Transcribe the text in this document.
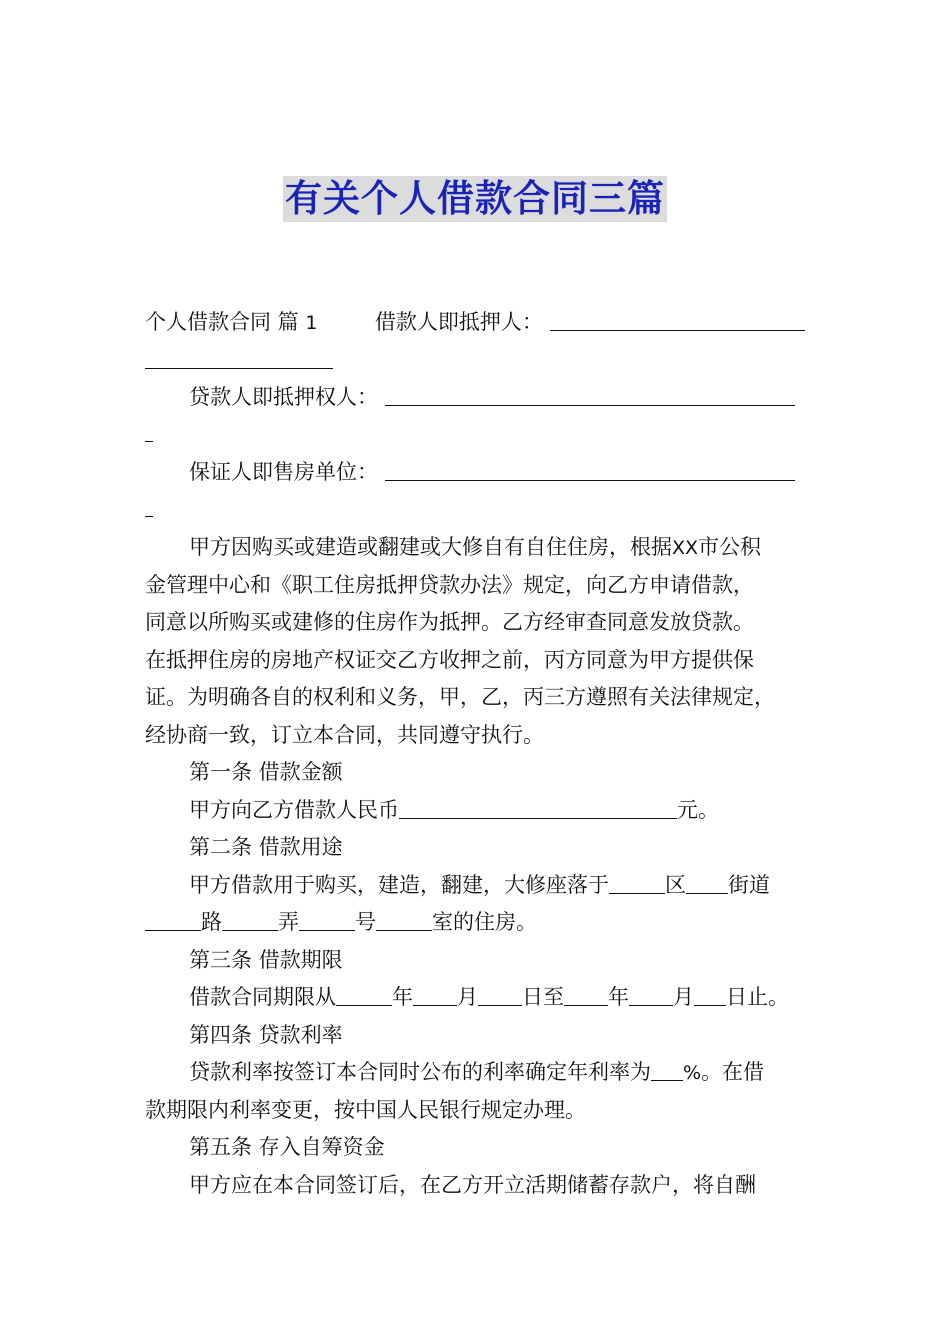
有关个人借款合同三篇
个人借款合同 篇 1	借款人即抵押人：
贷款人即抵押权人：
保证人即售房单位：
甲方因购买或建造或翻建或大修自有自住住房，根据XX市公积
金管理中心和《职工住房抵押贷款办法》规定，向乙方申请借款，
同意以所购买或建修的住房作为抵押。乙方经审查同意发放贷款。
在抵押住房的房地产权证交乙方收押之前，丙方同意为甲方提供保
证。为明确各自的权利和义务，甲，乙，丙三方遵照有关法律规定，
经协商一致，订立本合同，共同遵守执行。
第一条 借款金额
甲方向乙方借款人民币	元。
第二条 借款用途
甲方借款用于购买，建造，翻建，大修座落于	区 街道
路	弄	号	室的住房。
第三条 借款期限
借款合同期限从	年 月 日至 年 月 日止。
第四条 贷款利率
贷款利率按签订本合同时公布的利率确定年利率为 %。在借
款期限内利率变更，按中国人民银行规定办理。
第五条 存入自筹资金
甲方应在本合同签订后，在乙方开立活期储蓄存款户，将自酬
